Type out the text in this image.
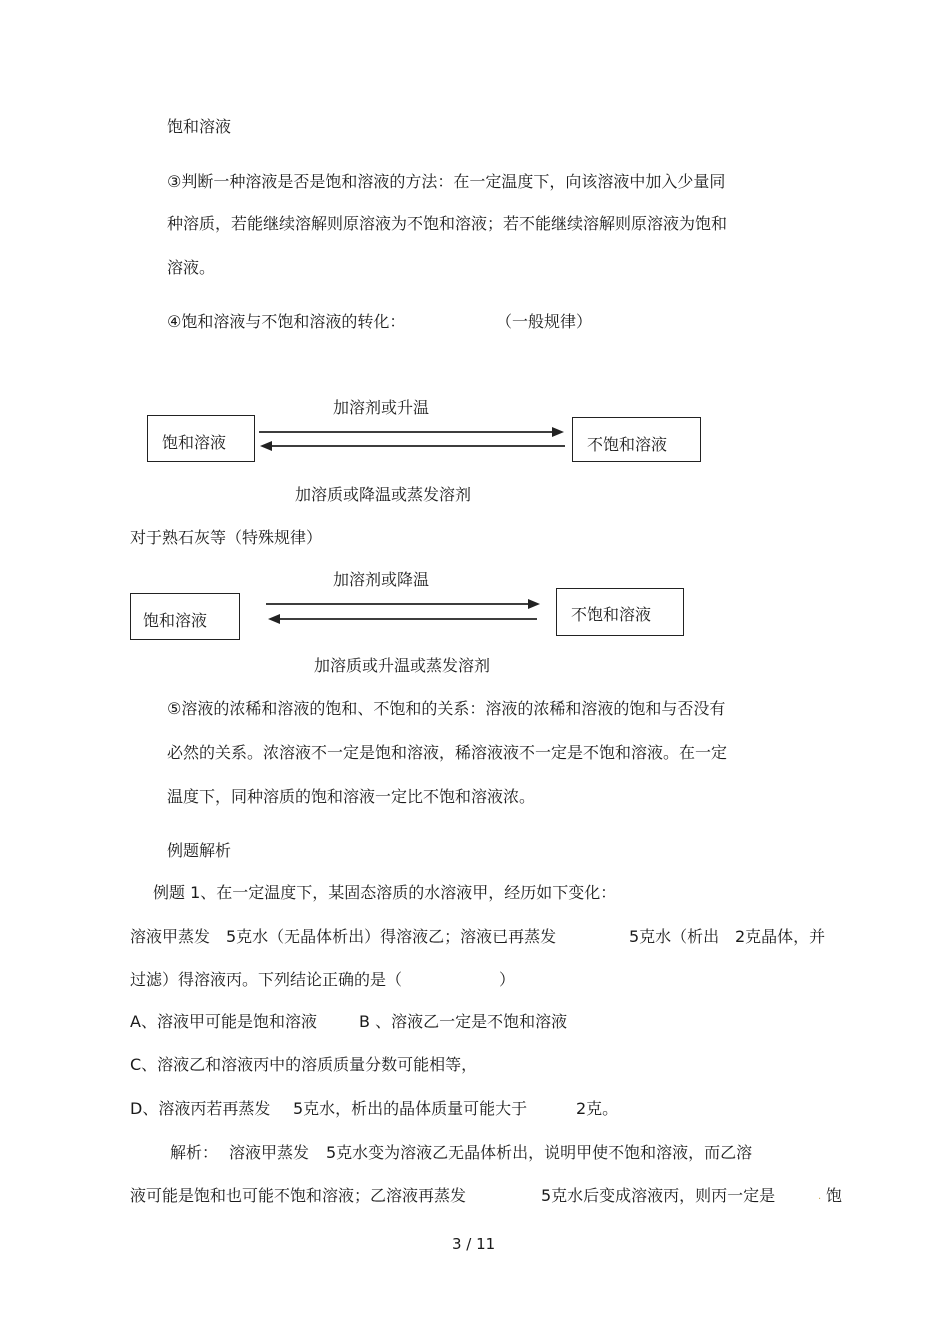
饱和溶液
③判断一种溶液是否是饱和溶液的方法：在一定温度下，向该溶液中加入少量同
种溶质，若能继续溶解则原溶液为不饱和溶液；若不能继续溶解则原溶液为饱和
溶液。
④饱和溶液与不饱和溶液的转化：	（一般规律）
加溶剂或升温
饱和溶液	不饱和溶液
加溶质或降温或蒸发溶剂
对于熟石灰等（特殊规律）
加溶剂或降温
饱和溶液	不饱和溶液
加溶质或升温或蒸发溶剂
⑤溶液的浓稀和溶液的饱和、不饱和的关系：溶液的浓稀和溶液的饱和与否没有
必然的关系。浓溶液不一定是饱和溶液，稀溶液液不一定是不饱和溶液。在一定
温度下，同种溶质的饱和溶液一定比不饱和溶液浓。
例题解析
例题 1、在一定温度下，某固态溶质的水溶液甲，经历如下变化：
溶液甲蒸发 5克水（无晶体析出）得溶液乙；溶液已再蒸发	5克水（析出 2克晶体，并
过滤）得溶液丙。下列结论正确的是（	）
A、溶液甲可能是饱和溶液	B 、溶液乙一定是不饱和溶液
C、溶液乙和溶液丙中的溶质质量分数可能相等，
D、溶液丙若再蒸发 5克水，析出的晶体质量可能大于	2克。
解析： 溶液甲蒸发 5克水变为溶液乙无晶体析出，说明甲使不饱和溶液，而乙溶
液可能是饱和也可能不饱和溶液；乙溶液再蒸发	5克水后变成溶液丙，则丙一定是	. 饱
3 / 11
